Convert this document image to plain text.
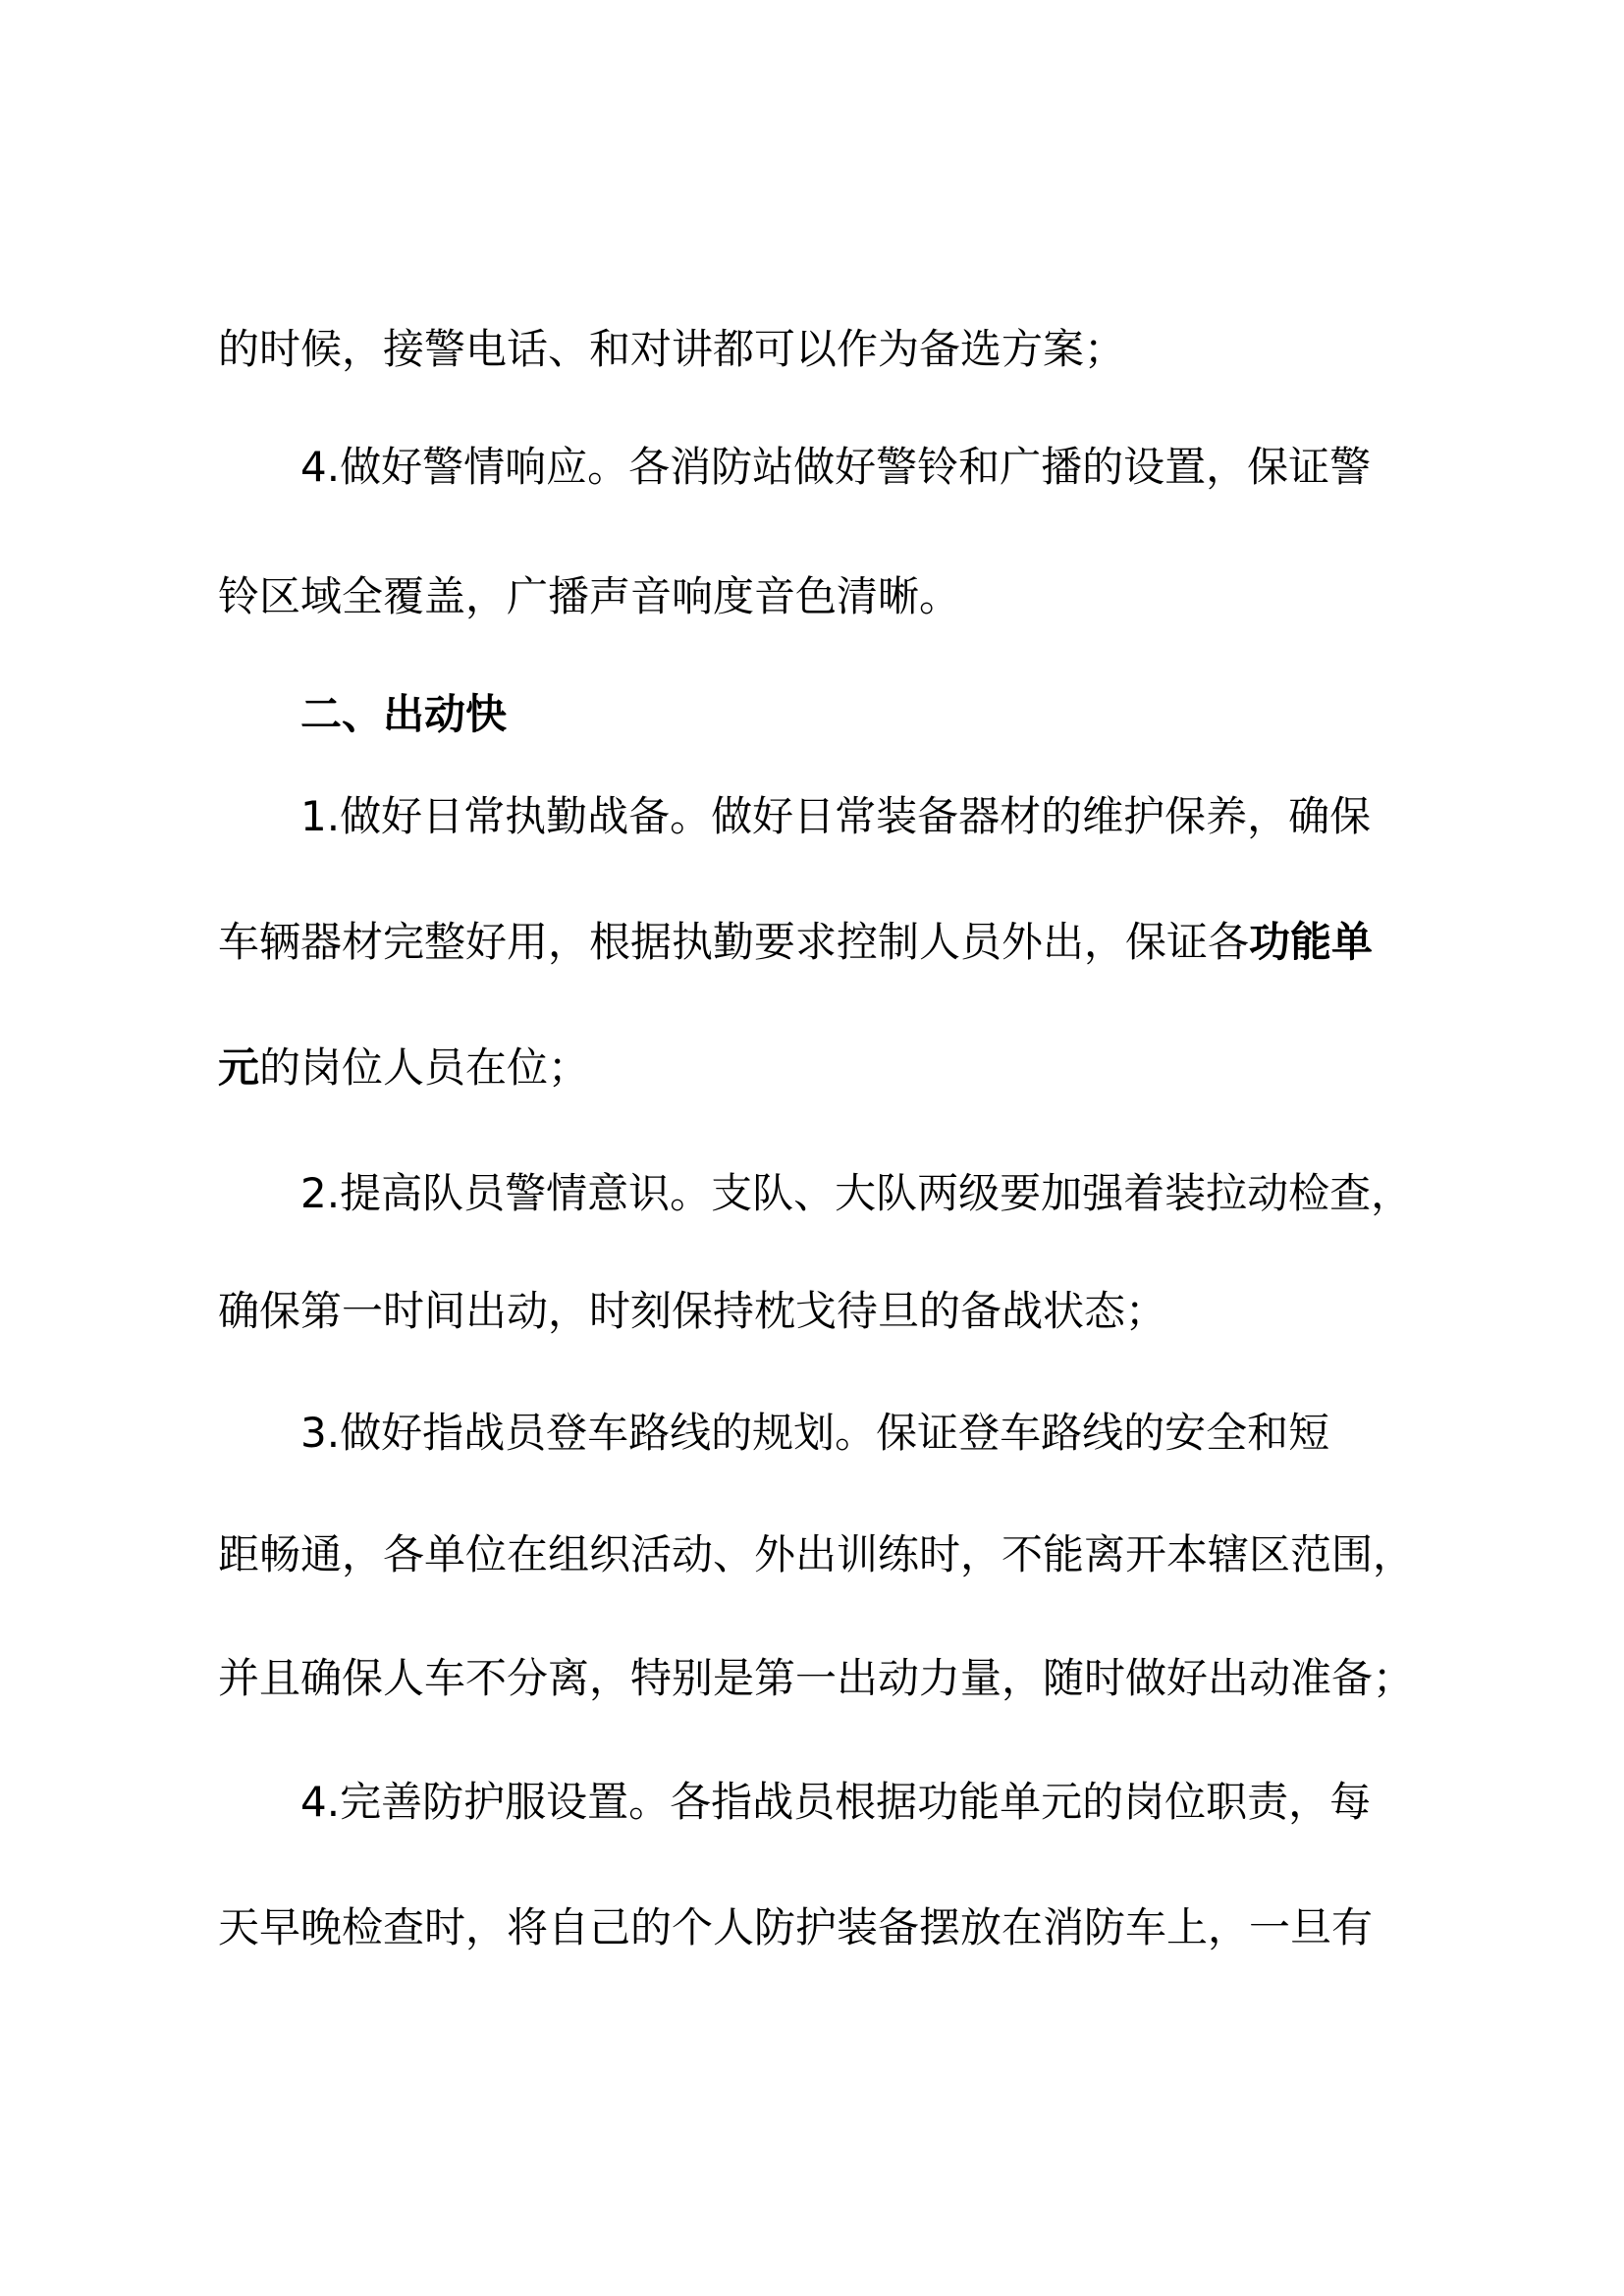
的时候，接警电话、和对讲都可以作为备选方案；
4.做好警情响应。各消防站做好警铃和广播的设置，保证警
铃区域全覆盖，广播声音响度音色清晰。
二、出动快
1.做好日常执勤战备。做好日常装备器材的维护保养，确保
车辆器材完整好用，根据执勤要求控制人员外出，保证各功能单
元的岗位人员在位；
2.提高队员警情意识。支队、大队两级要加强着装拉动检查，
确保第一时间出动，时刻保持枕戈待旦的备战状态；
3.做好指战员登车路线的规划。保证登车路线的安全和短
距畅通，各单位在组织活动、外出训练时，不能离开本辖区范围，
并且确保人车不分离，特别是第一出动力量，随时做好出动准备；
4.完善防护服设置。各指战员根据功能单元的岗位职责，每
天早晚检查时，将自己的个人防护装备摆放在消防车上，一旦有
